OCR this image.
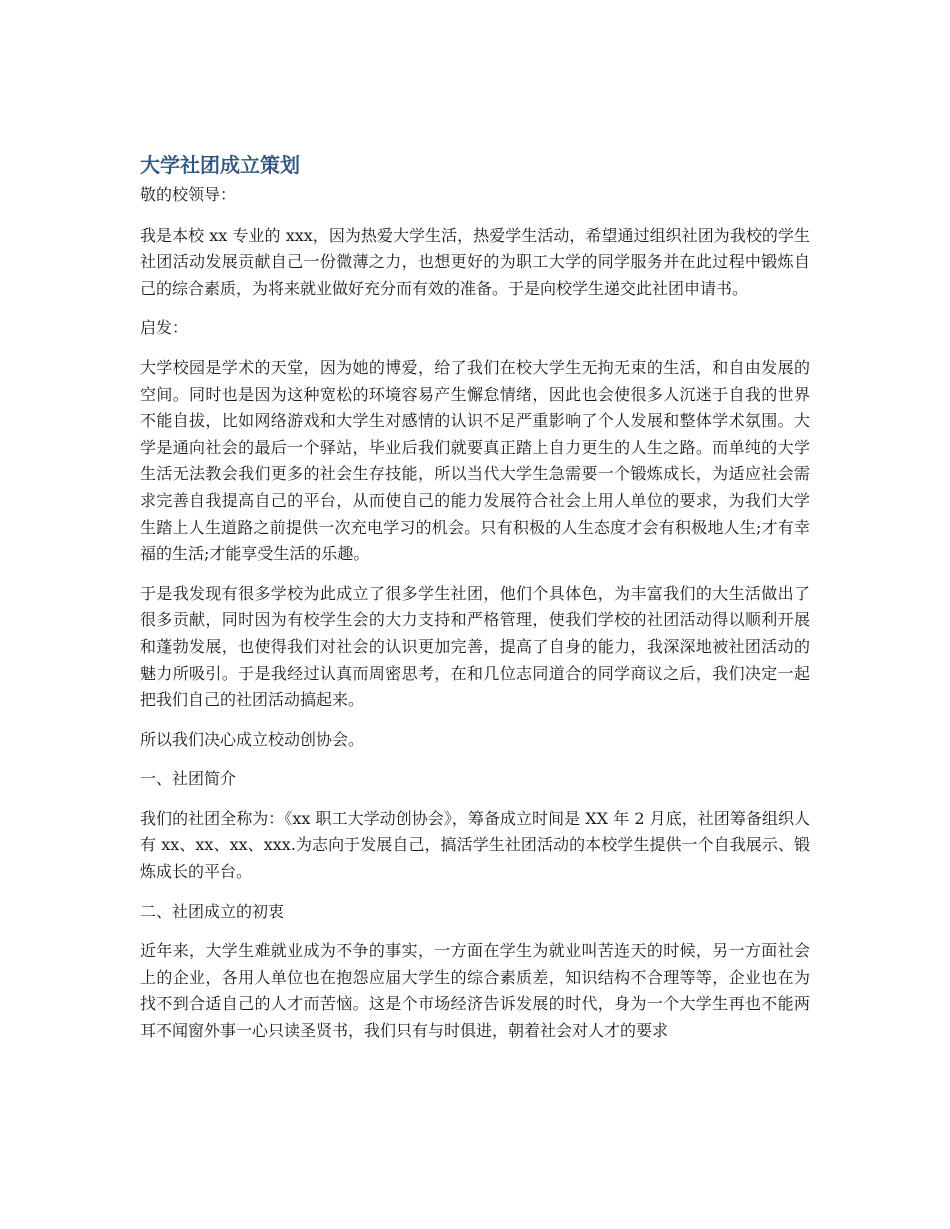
大学社团成立策划

敬的校领导：

我是本校 xx 专业的 xxx，因为热爱大学生活，热爱学生活动，希望通过组织社团为我校的学生社团活动发展贡献自己一份微薄之力，也想更好的为职工大学的同学服务并在此过程中锻炼自己的综合素质，为将来就业做好充分而有效的准备。于是向校学生递交此社团申请书。

启发：

大学校园是学术的天堂，因为她的博爱，给了我们在校大学生无拘无束的生活，和自由发展的空间。同时也是因为这种宽松的环境容易产生懈怠情绪，因此也会使很多人沉迷于自我的世界不能自拔，比如网络游戏和大学生对感情的认识不足严重影响了个人发展和整体学术氛围。大学是通向社会的最后一个驿站，毕业后我们就要真正踏上自力更生的人生之路。而单纯的大学生活无法教会我们更多的社会生存技能，所以当代大学生急需要一个锻炼成长，为适应社会需求完善自我提高自己的平台，从而使自己的能力发展符合社会上用人单位的要求，为我们大学生踏上人生道路之前提供一次充电学习的机会。只有积极的人生态度才会有积极地人生;才有幸福的生活;才能享受生活的乐趣。

于是我发现有很多学校为此成立了很多学生社团，他们个具体色，为丰富我们的大生活做出了很多贡献，同时因为有校学生会的大力支持和严格管理，使我们学校的社团活动得以顺利开展和蓬勃发展，也使得我们对社会的认识更加完善，提高了自身的能力，我深深地被社团活动的魅力所吸引。于是我经过认真而周密思考，在和几位志同道合的同学商议之后，我们决定一起把我们自己的社团活动搞起来。

所以我们决心成立校动创协会。

一、社团简介

我们的社团全称为：《xx 职工大学动创协会》，筹备成立时间是 XX 年 2 月底，社团筹备组织人有 xx、xx、xx、xxx.为志向于发展自己，搞活学生社团活动的本校学生提供一个自我展示、锻炼成长的平台。

二、社团成立的初衷

近年来，大学生难就业成为不争的事实，一方面在学生为就业叫苦连天的时候，另一方面社会上的企业，各用人单位也在抱怨应届大学生的综合素质差，知识结构不合理等等，企业也在为找不到合适自己的人才而苦恼。这是个市场经济告诉发展的时代，身为一个大学生再也不能两耳不闻窗外事一心只读圣贤书，我们只有与时俱进，朝着社会对人才的要求
